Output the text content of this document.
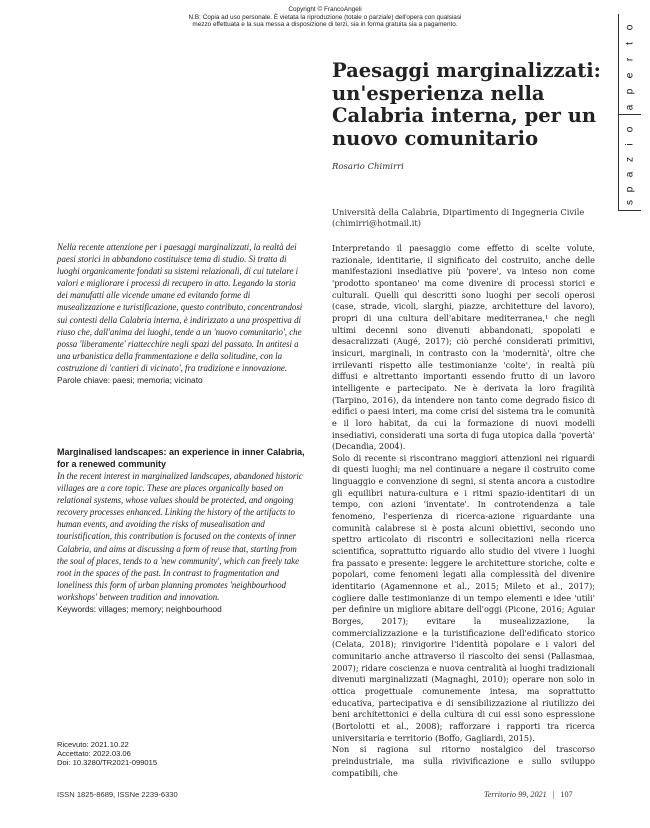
Copyright © FrancoAngeli
N.B: Copia ad uso personale. È vietata la riproduzione (totale o parziale) dell'opera con qualsiasi
mezzo effettuata e la sua messa a disposizione di terzi, sia in forma gratuita sia a pagamento.	o
t
r
e
p
a
o
i
z
a
p
s
Paesaggi marginalizzati: un'esperienza nella Calabria interna, per un nuovo comunitario
Rosario Chimirri
Università della Calabria, Dipartimento di Ingegneria Civile
(chimirri@hotmail.it)

Nella recente attenzione per i paesaggi marginalizzati, la realtà dei paesi storici in abbandono costituisce tema di studio. Si tratta di luoghi organicamente fondati su sistemi relazionali, di cui tutelare i valori e migliorare i processi di recupero in atto. Legando la storia dei manufatti alle vicende umane ed evitando forme di musealizzazione e turistificazione, questo contributo, concentrandosi sui contesti della Calabria interna, è indirizzato a una prospettiva di riuso che, dall'anima dei luoghi, tende a un 'nuovo comunitario', che possa 'liberamente' riattecchire negli spazi del passato. In antitesi a una urbanistica della frammentazione e della solitudine, con la costruzione di 'cantieri di vicinato', fra tradizione e innovazione.

Parole chiave: paesi; memoria; vicinato

Marginalised landscapes: an experience in inner Calabria, for a renewed community

In the recent interest in marginalized landscapes, abandoned historic villages are a core topic. These are places organically based on relational systems, whose values should be protected, and ongoing recovery processes enhanced. Linking the history of the artifacts to human events, and avoiding the risks of musealisation and touristification, this contribution is focused on the contexts of inner Calabria, and aims at discussing a form of reuse that, starting from the soul of places, tends to a 'new community', which can freely take root in the spaces of the past. In contrast to fragmentation and loneliness this form of urban planning promotes 'neighbourhood workshops' between tradition and innovation.

Keywords: villages; memory; neighbourhood

Ricevuto: 2021.10.22
Accettato: 2022.03.06
Doi: 10.3280/TR2021-099015

Interpretando il paesaggio come effetto di scelte volute, razionale, identitarie, il significato del costruito, anche delle manifestazioni insediative più 'povere', va inteso non come 'prodotto spontaneo' ma come divenire di processi storici e culturali. Quelli qui descritti sono luoghi per secoli operosi (case, strade, vicoli, slarghi, piazze, architetture del lavoro), propri di una cultura dell'abitare mediterranea,¹ che negli ultimi decenni sono divenuti abbandonati, spopolati e desacralizzati (Augé, 2017); ciò perché considerati primitivi, insicuri, marginali, in contrasto con la 'modernità', oltre che irrilevanti rispetto alle testimonianze 'colte', in realtà più diffusi e altrettanto importanti essendo frutto di un lavoro intelligente e partecipato. Ne è derivata la loro fragilità (Tarpino, 2016), da intendere non tanto come degrado fisico di edifici o paesi interi, ma come crisi del sistema tra le comunità e il loro habitat, da cui la formazione di nuovi modelli insediativi, considerati una sorta di fuga utopica dalla 'povertà' (Decandia, 2004).

Solo di recente si riscontrano maggiori attenzioni nei riguardi di questi luoghi; ma nel continuare a negare il costruito come linguaggio e convenzione di segni, si stenta ancora a custodire gli equilibri natura-cultura e i ritmi spazio-identitari di un tempo, con azioni 'inventate'. In controtendenza a tale fenomeno, l'esperienza di ricerca-azione riguardante una comunità calabrese si è posta alcuni obiettivi, secondo uno spettro articolato di riscontri e sollecitazioni nella ricerca scientifica, soprattutto riguardo allo studio del vivere i luoghi fra passato e presente: leggere le architetture storiche, colte e popolari, come fenomeni legati alla complessità del divenire identitario (Agamennone et al., 2015; Mileto et al., 2017); cogliere dalle testimonianze di un tempo elementi e idee 'utili' per definire un migliore abitare dell'oggi (Picone, 2016; Aguiar Borges, 2017); evitare la musealizzazione, la commercializzazione e la turistificazione dell'edificato storico (Celata, 2018); rinvigorire l'identità popolare e i valori del comunitario anche attraverso il riascolto dei sensi (Pallasmaa, 2007); ridare coscienza e nuova centralità ai luoghi tradizionali divenuti marginalizzati (Magnaghi, 2010); operare non solo in ottica progettuale comunemente intesa, ma soprattutto educativa, partecipativa e di sensibilizzazione al riutilizzo dei beni architettonici e della cultura di cui essi sono espressione (Bortolotti et al., 2008); rafforzare i rapporti tra ricerca universitaria e territorio (Boffo, Gagliardi, 2015).

Non si ragiona sul ritorno nostalgico del trascorso preindustriale, ma sulla rivivificazione e sullo sviluppo compatibili, che

ISSN 1825-8689, ISSNe 2239-6330	Territorio 99, 2021 | 107
